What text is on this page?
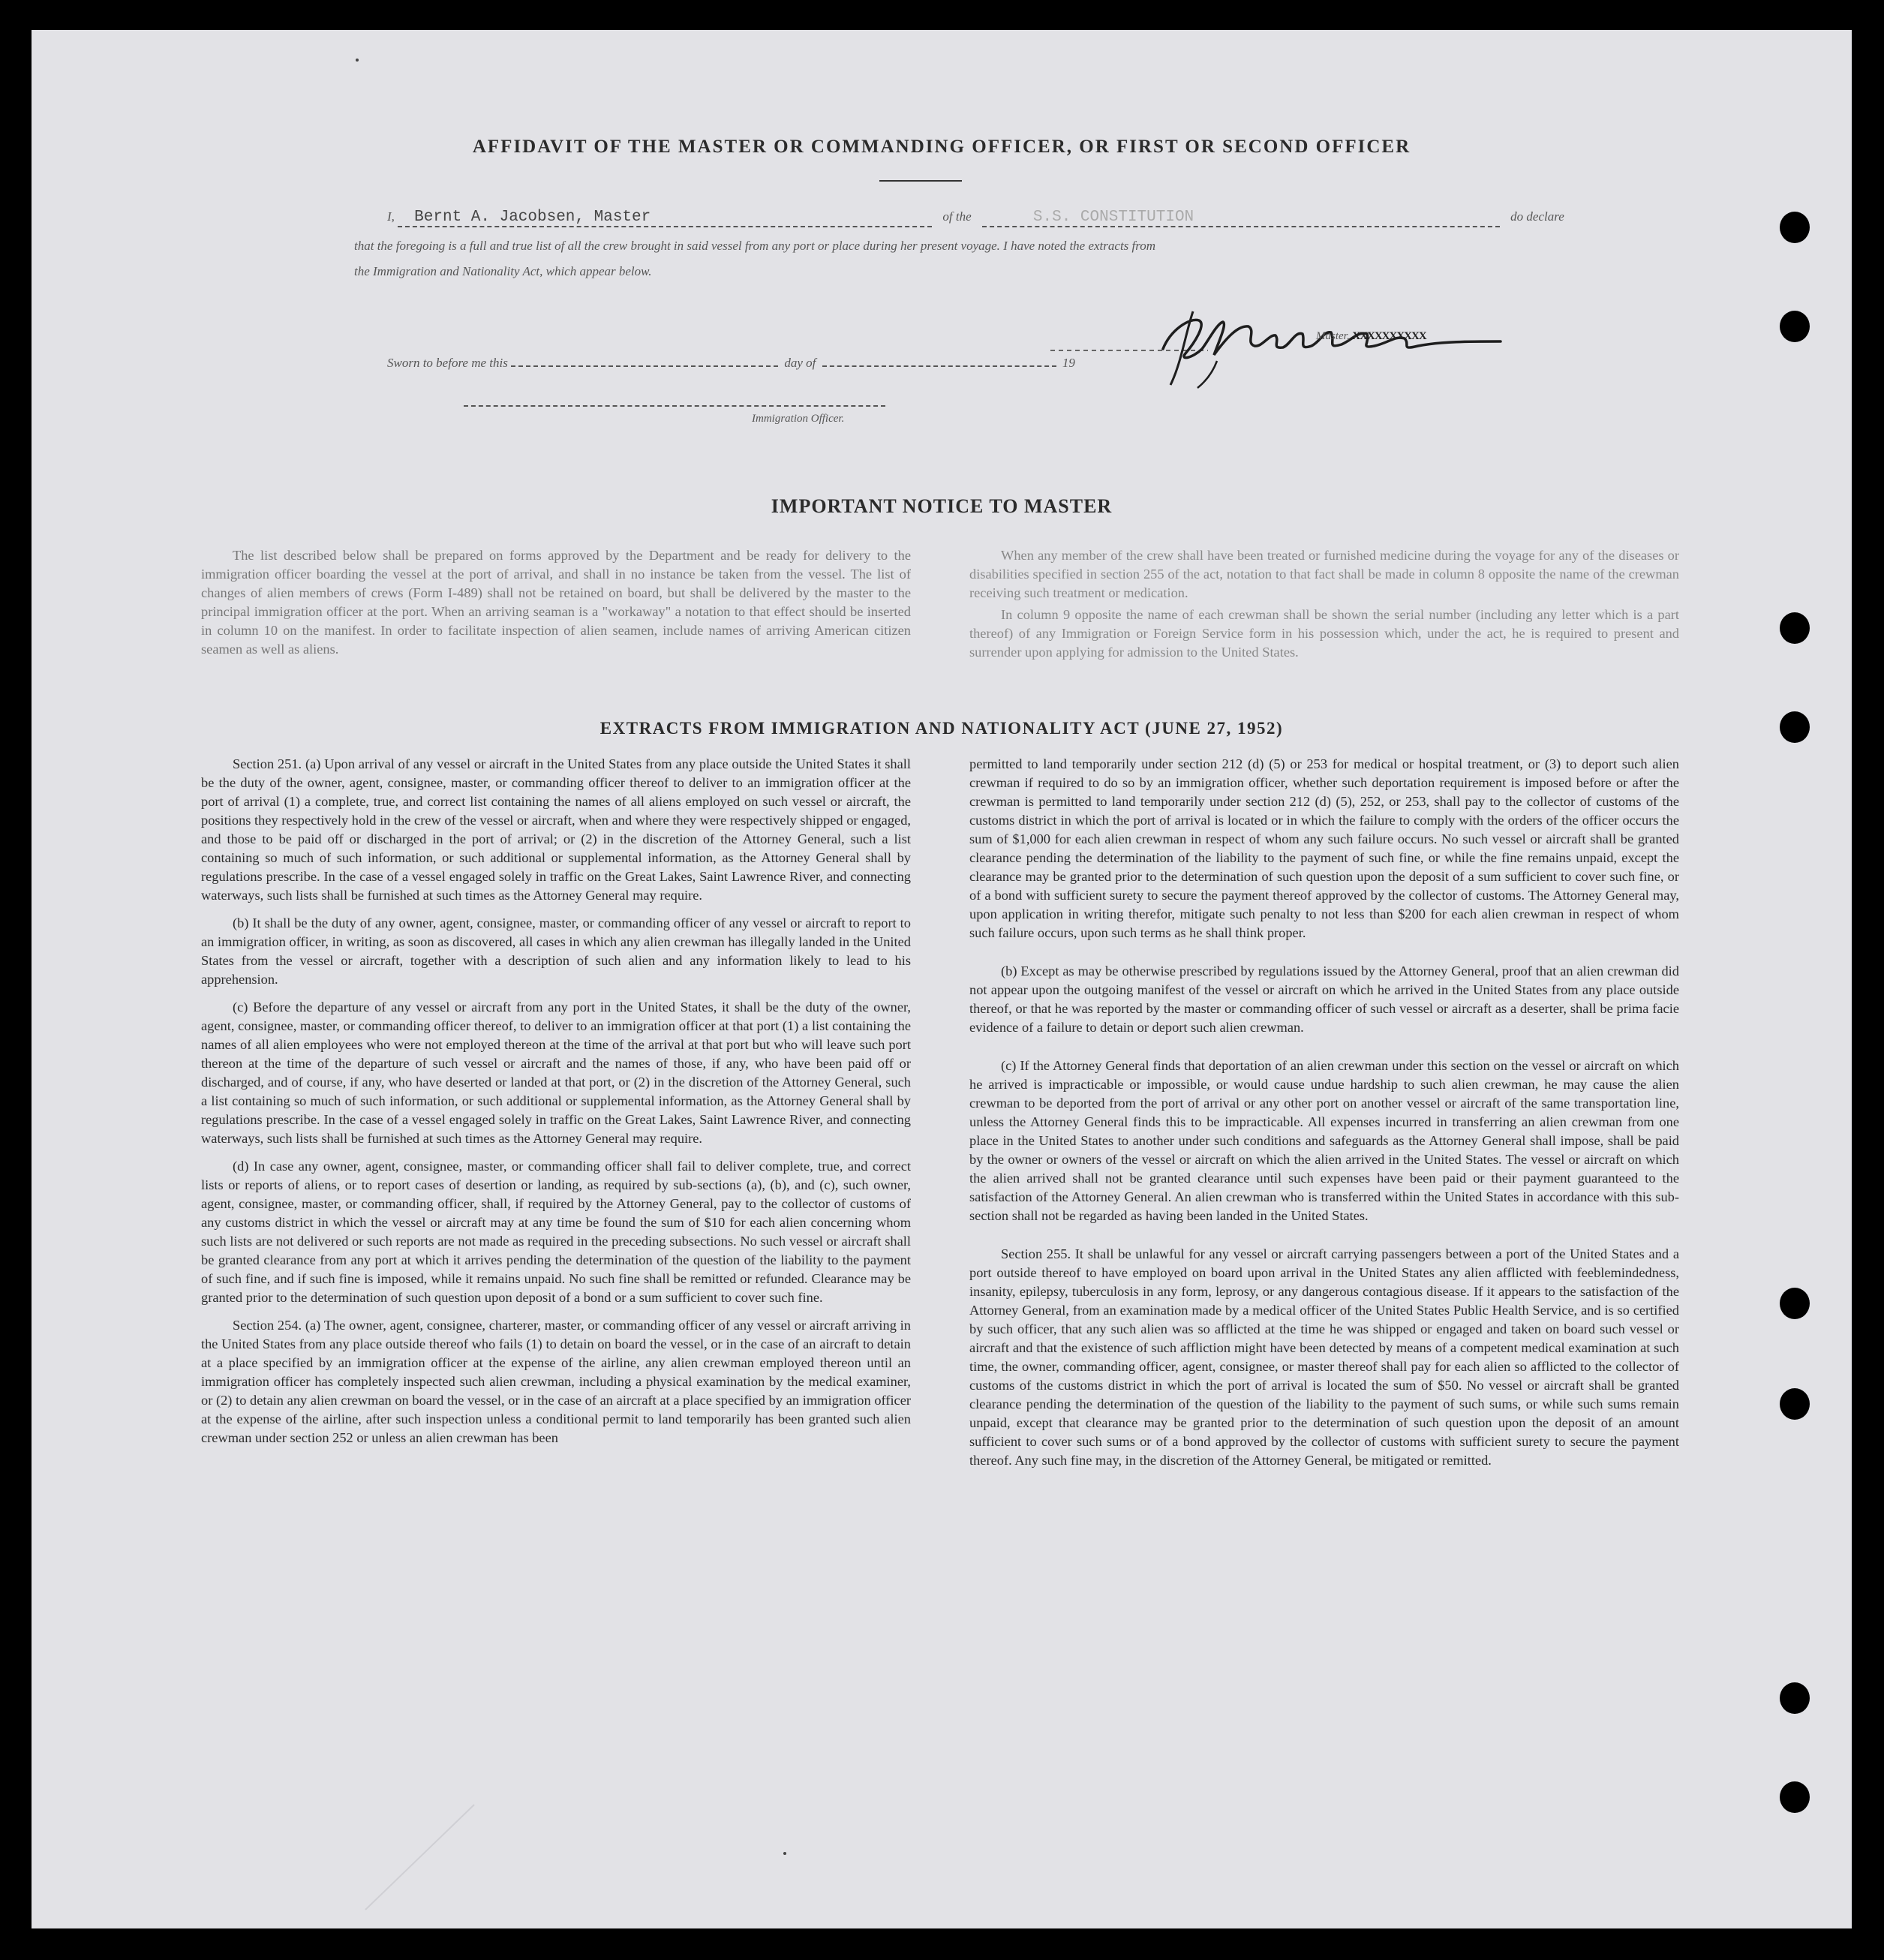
AFFIDAVIT OF THE MASTER OR COMMANDING OFFICER, OR FIRST OR SECOND OFFICER
I, Bernt A. Jacobsen, Master	of the	S.S. CONSTITUTION	do declare
that the foregoing is a full and true list of all the crew brought in said vessel from any port or place during her present voyage. I have noted the extracts from
the Immigration and Nationality Act, which appear below.
Master, XXXXXXXXXX
Sworn to before me this	day of	19
Immigration Officer.
IMPORTANT NOTICE TO MASTER

The list described below shall be prepared on forms approved by the Department and be ready for delivery to the immigration officer boarding the vessel at the port of arrival, and shall in no instance be taken from the vessel. The list of changes of alien members of crews (Form I-489) shall not be retained on board, but shall be delivered by the master to the principal immigration officer at the port. When an arriving seaman is a "workaway" a notation to that effect should be inserted in column 10 on the manifest. In order to facilitate inspection of alien seamen, include names of arriving American citizen seamen as well as aliens.

When any member of the crew shall have been treated or furnished medicine during the voyage for any of the diseases or disabilities specified in section 255 of the act, notation to that fact shall be made in column 8 opposite the name of the crewman receiving such treatment or medication.

In column 9 opposite the name of each crewman shall be shown the serial number (including any letter which is a part thereof) of any Immigration or Foreign Service form in his possession which, under the act, he is required to present and surrender upon applying for admission to the United States.

EXTRACTS FROM IMMIGRATION AND NATIONALITY ACT (JUNE 27, 1952)

Section 251. (a) Upon arrival of any vessel or aircraft in the United States from any place outside the United States it shall be the duty of the owner, agent, consignee, master, or commanding officer thereof to deliver to an immigration officer at the port of arrival (1) a complete, true, and correct list containing the names of all aliens employed on such vessel or aircraft, the positions they respectively hold in the crew of the vessel or aircraft, when and where they were respectively shipped or engaged, and those to be paid off or discharged in the port of arrival; or (2) in the discretion of the Attorney General, such a list containing so much of such information, or such additional or supplemental information, as the Attorney General shall by regulations prescribe. In the case of a vessel engaged solely in traffic on the Great Lakes, Saint Lawrence River, and connecting waterways, such lists shall be furnished at such times as the Attorney General may require.

(b) It shall be the duty of any owner, agent, consignee, master, or commanding officer of any vessel or aircraft to report to an immigration officer, in writing, as soon as discovered, all cases in which any alien crewman has illegally landed in the United States from the vessel or aircraft, together with a description of such alien and any information likely to lead to his apprehension.

(c) Before the departure of any vessel or aircraft from any port in the United States, it shall be the duty of the owner, agent, consignee, master, or commanding officer thereof, to deliver to an immigration officer at that port (1) a list containing the names of all alien employees who were not employed thereon at the time of the arrival at that port but who will leave such port thereon at the time of the departure of such vessel or aircraft and the names of those, if any, who have been paid off or discharged, and of course, if any, who have deserted or landed at that port, or (2) in the discretion of the Attorney General, such a list containing so much of such information, or such additional or supplemental information, as the Attorney General shall by regulations prescribe. In the case of a vessel engaged solely in traffic on the Great Lakes, Saint Lawrence River, and connecting waterways, such lists shall be furnished at such times as the Attorney General may require.

(d) In case any owner, agent, consignee, master, or commanding officer shall fail to deliver complete, true, and correct lists or reports of aliens, or to report cases of desertion or landing, as required by sub-sections (a), (b), and (c), such owner, agent, consignee, master, or commanding officer, shall, if required by the Attorney General, pay to the collector of customs of any customs district in which the vessel or aircraft may at any time be found the sum of $10 for each alien concerning whom such lists are not delivered or such reports are not made as required in the preceding subsections. No such vessel or aircraft shall be granted clearance from any port at which it arrives pending the determination of the question of the liability to the payment of such fine, and if such fine is imposed, while it remains unpaid. No such fine shall be remitted or refunded. Clearance may be granted prior to the determination of such question upon deposit of a bond or a sum sufficient to cover such fine.

Section 254. (a) The owner, agent, consignee, charterer, master, or commanding officer of any vessel or aircraft arriving in the United States from any place outside thereof who fails (1) to detain on board the vessel, or in the case of an aircraft to detain at a place specified by an immigration officer at the expense of the airline, any alien crewman employed thereon until an immigration officer has completely inspected such alien crewman, including a physical examination by the medical examiner, or (2) to detain any alien crewman on board the vessel, or in the case of an aircraft at a place specified by an immigration officer at the expense of the airline, after such inspection unless a conditional permit to land temporarily has been granted such alien crewman under section 252 or unless an alien crewman has been

permitted to land temporarily under section 212 (d) (5) or 253 for medical or hospital treatment, or (3) to deport such alien crewman if required to do so by an immigration officer, whether such deportation requirement is imposed before or after the crewman is permitted to land temporarily under section 212 (d) (5), 252, or 253, shall pay to the collector of customs of the customs district in which the port of arrival is located or in which the failure to comply with the orders of the officer occurs the sum of $1,000 for each alien crewman in respect of whom any such failure occurs. No such vessel or aircraft shall be granted clearance pending the determination of the liability to the payment of such fine, or while the fine remains unpaid, except the clearance may be granted prior to the determination of such question upon the deposit of a sum sufficient to cover such fine, or of a bond with sufficient surety to secure the payment thereof approved by the collector of customs. The Attorney General may, upon application in writing therefor, mitigate such penalty to not less than $200 for each alien crewman in respect of whom such failure occurs, upon such terms as he shall think proper.

(b) Except as may be otherwise prescribed by regulations issued by the Attorney General, proof that an alien crewman did not appear upon the outgoing manifest of the vessel or aircraft on which he arrived in the United States from any place outside thereof, or that he was reported by the master or commanding officer of such vessel or aircraft as a deserter, shall be prima facie evidence of a failure to detain or deport such alien crewman.

(c) If the Attorney General finds that deportation of an alien crewman under this section on the vessel or aircraft on which he arrived is impracticable or impossible, or would cause undue hardship to such alien crewman, he may cause the alien crewman to be deported from the port of arrival or any other port on another vessel or aircraft of the same transportation line, unless the Attorney General finds this to be impracticable. All expenses incurred in transferring an alien crewman from one place in the United States to another under such conditions and safeguards as the Attorney General shall impose, shall be paid by the owner or owners of the vessel or aircraft on which the alien arrived in the United States. The vessel or aircraft on which the alien arrived shall not be granted clearance until such expenses have been paid or their payment guaranteed to the satisfaction of the Attorney General. An alien crewman who is transferred within the United States in accordance with this sub-section shall not be regarded as having been landed in the United States.

Section 255. It shall be unlawful for any vessel or aircraft carrying passengers between a port of the United States and a port outside thereof to have employed on board upon arrival in the United States any alien afflicted with feeblemindedness, insanity, epilepsy, tuberculosis in any form, leprosy, or any dangerous contagious disease. If it appears to the satisfaction of the Attorney General, from an examination made by a medical officer of the United States Public Health Service, and is so certified by such officer, that any such alien was so afflicted at the time he was shipped or engaged and taken on board such vessel or aircraft and that the existence of such affliction might have been detected by means of a competent medical examination at such time, the owner, commanding officer, agent, consignee, or master thereof shall pay for each alien so afflicted to the collector of customs of the customs district in which the port of arrival is located the sum of $50. No vessel or aircraft shall be granted clearance pending the determination of the question of the liability to the payment of such sums, or while such sums remain unpaid, except that clearance may be granted prior to the determination of such question upon the deposit of an amount sufficient to cover such sums or of a bond approved by the collector of customs with sufficient surety to secure the payment thereof. Any such fine may, in the discretion of the Attorney General, be mitigated or remitted.
